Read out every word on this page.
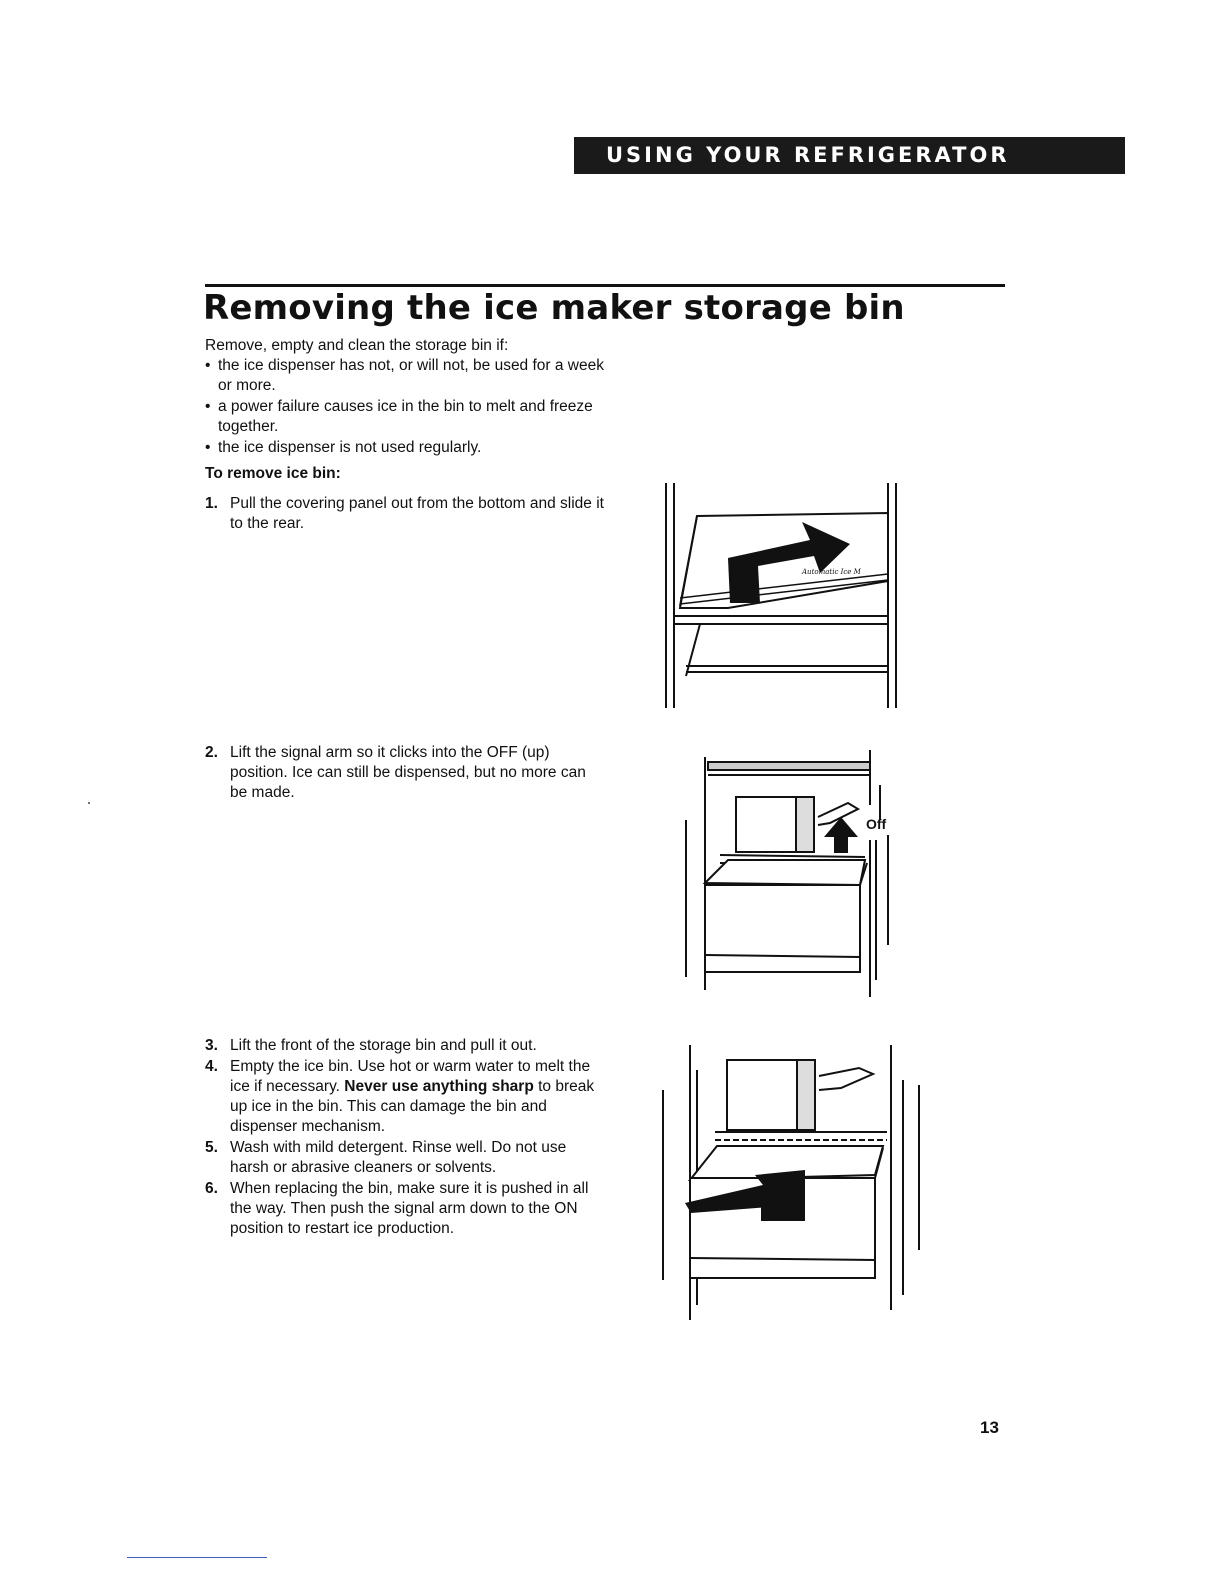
USING YOUR REFRIGERATOR
Removing the ice maker storage bin
Remove, empty and clean the storage bin if:
• the ice dispenser has not, or will not, be used for a week or more.
• a power failure causes ice in the bin to melt and freeze together.
• the ice dispenser is not used regularly.
To remove ice bin:
1. Pull the covering panel out from the bottom and slide it to the rear.
2. Lift the signal arm so it clicks into the OFF (up) position. Ice can still be dispensed, but no more can be made.
3. Lift the front of the storage bin and pull it out.
4. Empty the ice bin. Use hot or warm water to melt the ice if necessary. Never use anything sharp to break up ice in the bin. This can damage the bin and dispenser mechanism.
5. Wash with mild detergent. Rinse well. Do not use harsh or abrasive cleaners or solvents.
6. When replacing the bin, make sure it is pushed in all the way. Then push the signal arm down to the ON position to restart ice production.
Automatic Ice M
Off
13
